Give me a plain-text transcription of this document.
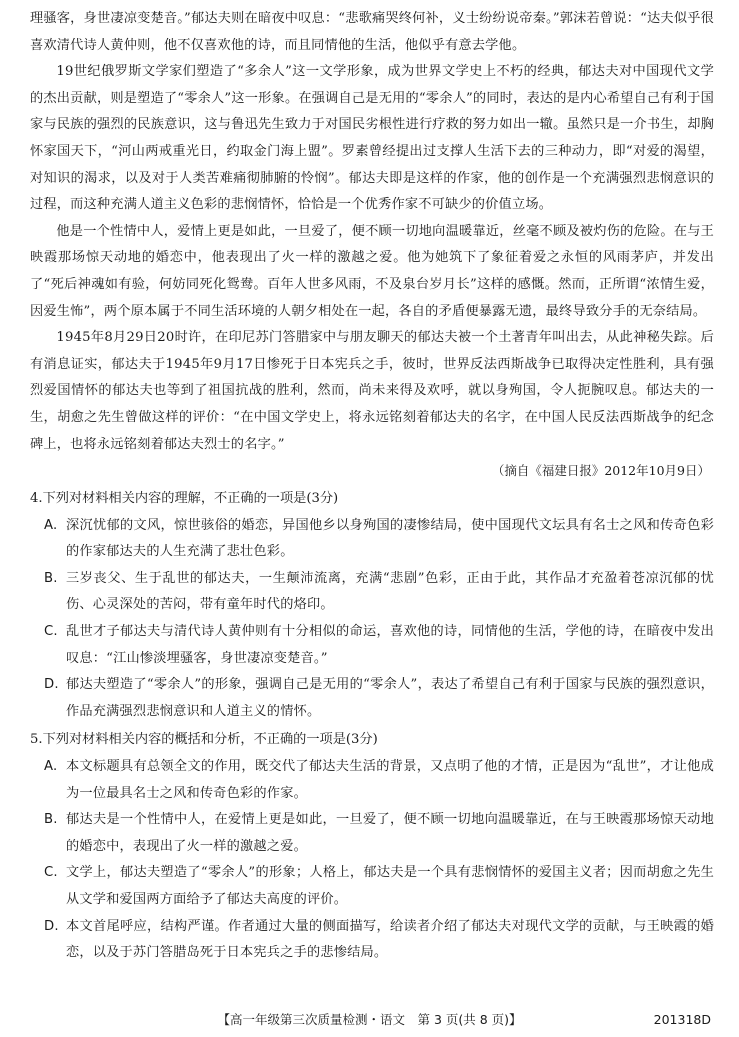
理骚客，身世凄凉变楚音。”郁达夫则在暗夜中叹息：“悲歌痛哭终何补，义士纷纷说帝秦。”郭沫若曾说：“达夫似乎很喜欢清代诗人黄仲则，他不仅喜欢他的诗，而且同情他的生活，他似乎有意去学他。

19世纪俄罗斯文学家们塑造了“多余人”这一文学形象，成为世界文学史上不朽的经典，郁达夫对中国现代文学的杰出贡献，则是塑造了“零余人”这一形象。在强调自己是无用的“零余人”的同时，表达的是内心希望自己有利于国家与民族的强烈的民族意识，这与鲁迅先生致力于对国民劣根性进行疗救的努力如出一辙。虽然只是一介书生，却胸怀家国天下，“河山两戒重光日，约取金门海上盟”。罗素曾经提出过支撑人生活下去的三种动力，即“对爱的渴望，对知识的渴求，以及对于人类苦难痛彻肺腑的怜悯”。郁达夫即是这样的作家，他的创作是一个充满强烈悲悯意识的过程，而这种充满人道主义色彩的悲悯情怀，恰恰是一个优秀作家不可缺少的价值立场。

他是一个性情中人，爱情上更是如此，一旦爱了，便不顾一切地向温暖靠近，丝毫不顾及被灼伤的危险。在与王映霞那场惊天动地的婚恋中，他表现出了火一样的激越之爱。他为她筑下了象征着爱之永恒的风雨茅庐，并发出了“死后神魂如有验，何妨同死化鸳鸯。百年人世多风雨，不及泉台岁月长”这样的感慨。然而，正所谓“浓情生爱，因爱生怖”，两个原本属于不同生活环境的人朝夕相处在一起，各自的矛盾便暴露无遗，最终导致分手的无奈结局。

1945年8月29日20时许，在印尼苏门答腊家中与朋友聊天的郁达夫被一个土著青年叫出去，从此神秘失踪。后有消息证实，郁达夫于1945年9月17日惨死于日本宪兵之手，彼时，世界反法西斯战争已取得决定性胜利，具有强烈爱国情怀的郁达夫也等到了祖国抗战的胜利，然而，尚未来得及欢呼，就以身殉国，令人扼腕叹息。郁达夫的一生，胡愈之先生曾做这样的评价：“在中国文学史上，将永远铭刻着郁达夫的名字，在中国人民反法西斯战争的纪念碑上，也将永远铭刻着郁达夫烈士的名字。”

（摘自《福建日报》2012年10月9日）

4.下列对材料相关内容的理解，不正确的一项是(3分)

A. 深沉忧郁的文风，惊世骇俗的婚恋，异国他乡以身殉国的凄惨结局，使中国现代文坛具有名士之风和传奇色彩的作家郁达夫的人生充满了悲壮色彩。
B. 三岁丧父、生于乱世的郁达夫，一生颠沛流离，充满“悲剧”色彩，正由于此，其作品才充盈着苍凉沉郁的忧伤、心灵深处的苦闷，带有童年时代的烙印。
C. 乱世才子郁达夫与清代诗人黄仲则有十分相似的命运，喜欢他的诗，同情他的生活，学他的诗，在暗夜中发出叹息：“江山惨淡埋骚客，身世凄凉变楚音。”
D. 郁达夫塑造了“零余人”的形象，强调自己是无用的“零余人”，表达了希望自己有利于国家与民族的强烈意识，作品充满强烈悲悯意识和人道主义的情怀。

5.下列对材料相关内容的概括和分析，不正确的一项是(3分)

A. 本文标题具有总领全文的作用，既交代了郁达夫生活的背景，又点明了他的才情，正是因为“乱世”，才让他成为一位最具名士之风和传奇色彩的作家。
B. 郁达夫是一个性情中人，在爱情上更是如此，一旦爱了，便不顾一切地向温暖靠近，在与王映霞那场惊天动地的婚恋中，表现出了火一样的激越之爱。
C. 文学上，郁达夫塑造了“零余人”的形象；人格上，郁达夫是一个具有悲悯情怀的爱国主义者；因而胡愈之先生从文学和爱国两方面给予了郁达夫高度的评价。
D. 本文首尾呼应，结构严谨。作者通过大量的侧面描写，给读者介绍了郁达夫对现代文学的贡献，与王映霞的婚恋，以及于苏门答腊岛死于日本宪兵之手的悲惨结局。
【高一年级第三次质量检测・语文　第 3 页(共 8 页)】	201318D
